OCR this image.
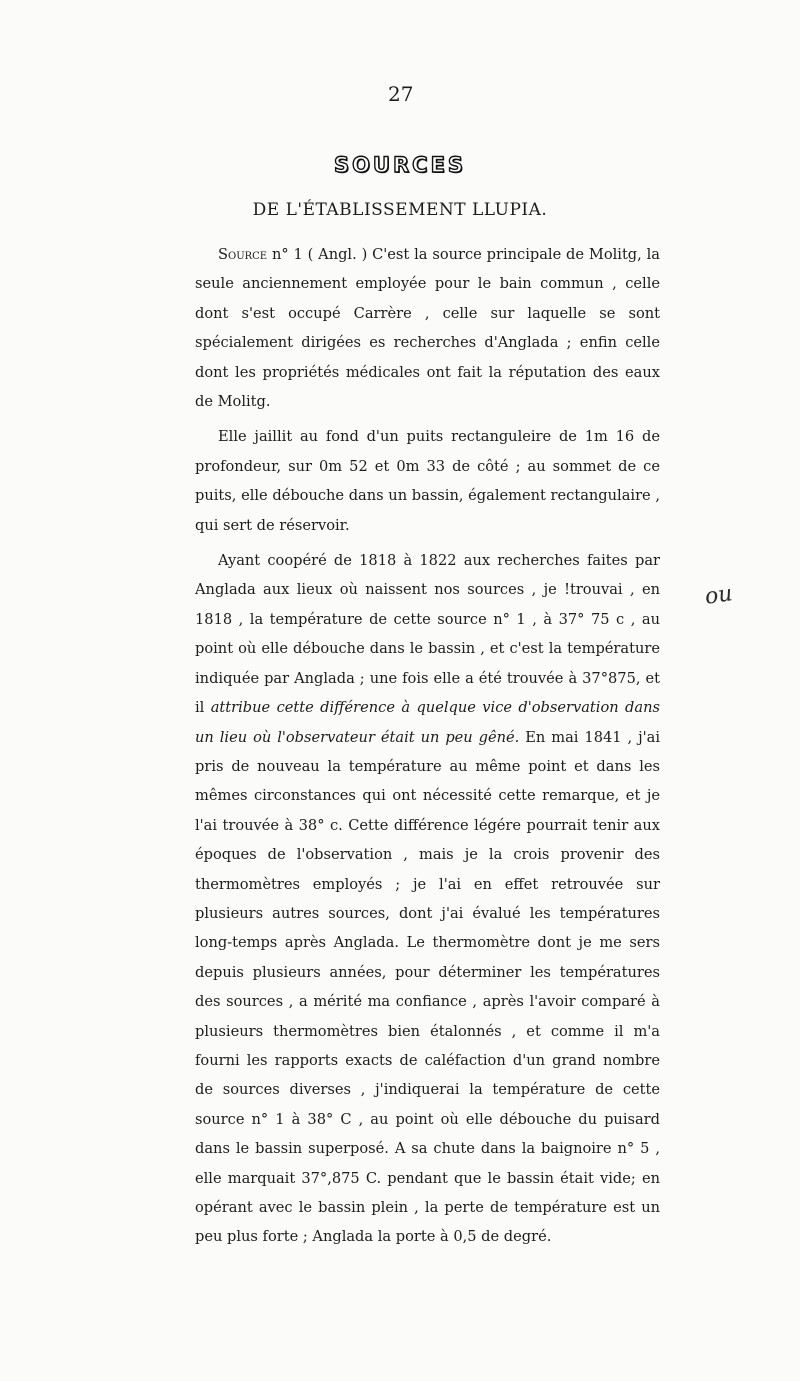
27
SOURCES
DE L'ÉTABLISSEMENT LLUPIA.

Source n° 1 ( Angl. ) C'est la source principale de Molitg, la seule anciennement employée pour le bain commun , celle dont s'est occupé Carrère , celle sur laquelle se sont spécialement dirigées es recherches d'Anglada ; enfin celle dont les propriétés médicales ont fait la réputation des eaux de Molitg.

Elle jaillit au fond d'un puits rectanguleire de 1m 16 de profondeur, sur 0m 52 et 0m 33 de côté ; au sommet de ce puits, elle débouche dans un bassin, également rectangulaire , qui sert de réservoir.

Ayant coopéré de 1818 à 1822 aux recherches faites par Anglada aux lieux où naissent nos sources , je !trouvai , en 1818 , la température de cette source n° 1 , à 37° 75 c , au point où elle débouche dans le bassin , et c'est la température indiquée par Anglada ; une fois elle a été trouvée à 37°875, et il attribue cette différence à quelque vice d'observation dans un lieu où l'observateur était un peu gêné. En mai 1841 , j'ai pris de nouveau la température au même point et dans les mêmes circonstances qui ont nécessité cette remarque, et je l'ai trouvée à 38° c. Cette différence légére pourrait tenir aux époques de l'observation , mais je la crois provenir des thermomètres employés ; je l'ai en effet retrouvée sur plusieurs autres sources, dont j'ai évalué les températures long-temps après Anglada. Le thermomètre dont je me sers depuis plusieurs années, pour déterminer les températures des sources , a mérité ma confiance , après l'avoir comparé à plusieurs thermomètres bien étalonnés , et comme il m'a fourni les rapports exacts de caléfaction d'un grand nombre de sources diverses , j'indiquerai la température de cette source n° 1 à 38° C , au point où elle débouche du puisard dans le bassin superposé. A sa chute dans la baignoire n° 5 , elle marquait 37°,875 C. pendant que le bassin était vide; en opérant avec le bassin plein , la perte de température est un peu plus forte ; Anglada la porte à 0,5 de degré.

ou
